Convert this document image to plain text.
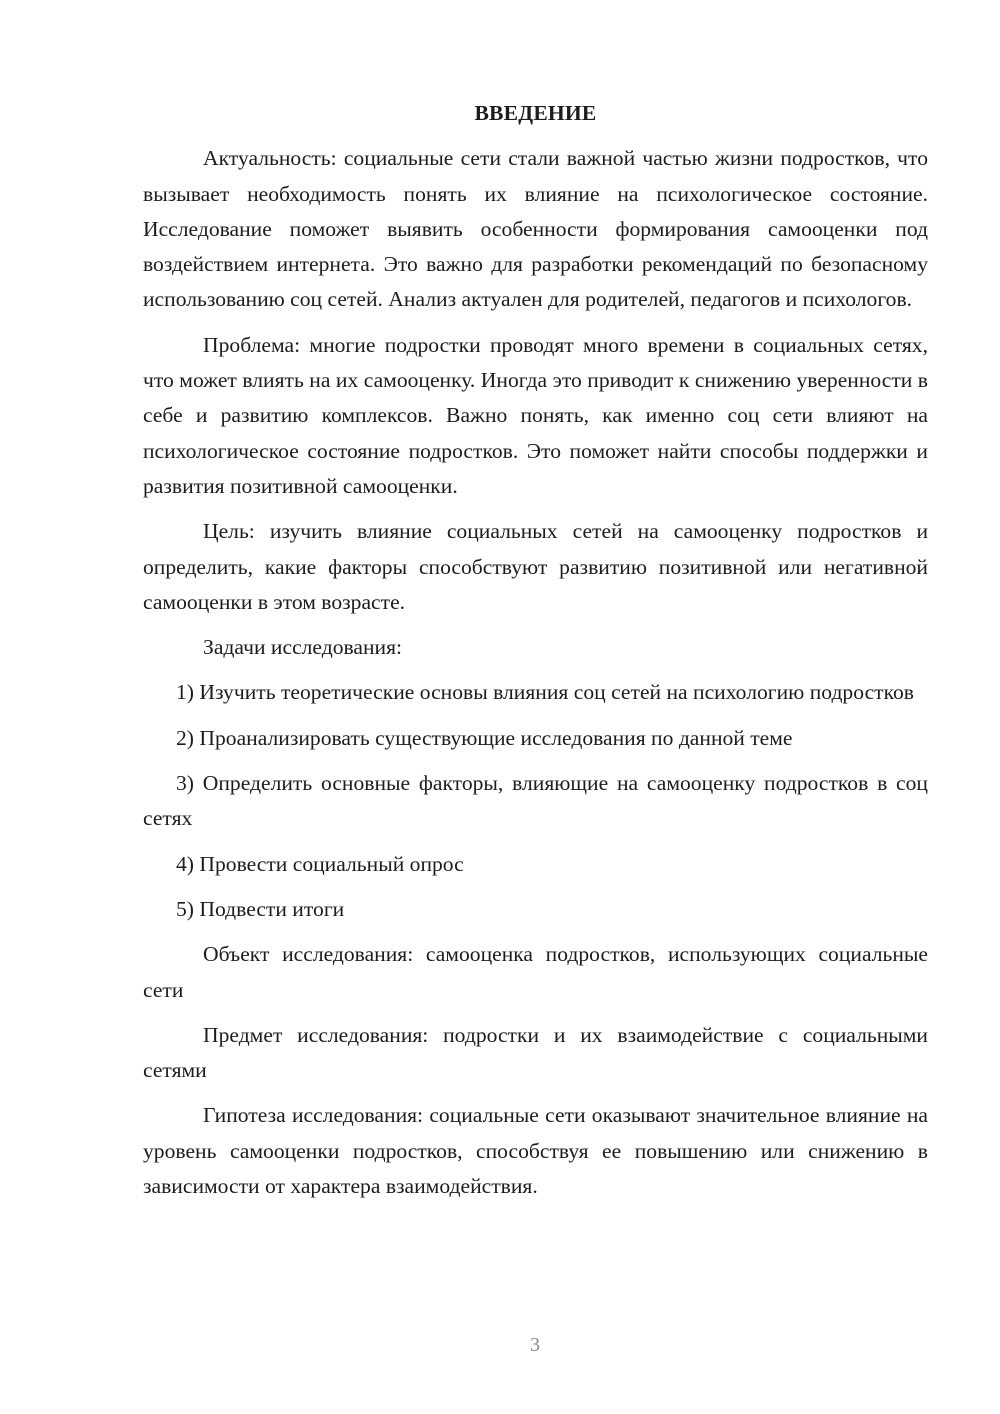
ВВЕДЕНИЕ

Актуальность: социальные сети стали важной частью жизни подростков, что вызывает необходимость понять их влияние на психологическое состояние. Исследование поможет выявить особенности формирования самооценки под воздействием интернета. Это важно для разработки рекомендаций по безопасному использованию соц сетей. Анализ актуален для родителей, педагогов и психологов.

Проблема: многие подростки проводят много времени в социальных сетях, что может влиять на их самооценку. Иногда это приводит к снижению уверенности в себе и развитию комплексов. Важно понять, как именно соц сети влияют на психологическое состояние подростков. Это поможет найти способы поддержки и развития позитивной самооценки.

Цель: изучить влияние социальных сетей на самооценку подростков и определить, какие факторы способствуют развитию позитивной или негативной самооценки в этом возрасте.

Задачи исследования:

1) Изучить теоретические основы влияния соц сетей на психологию подростков

2) Проанализировать существующие исследования по данной теме

3) Определить основные факторы, влияющие на самооценку подростков в соц сетях

4) Провести социальный опрос

5) Подвести итоги

Объект исследования: самооценка подростков, использующих социальные сети

Предмет исследования: подростки и их взаимодействие с социальными сетями

Гипотеза исследования: социальные сети оказывают значительное влияние на уровень самооценки подростков, способствуя ее повышению или снижению в зависимости от характера взаимодействия.

3
